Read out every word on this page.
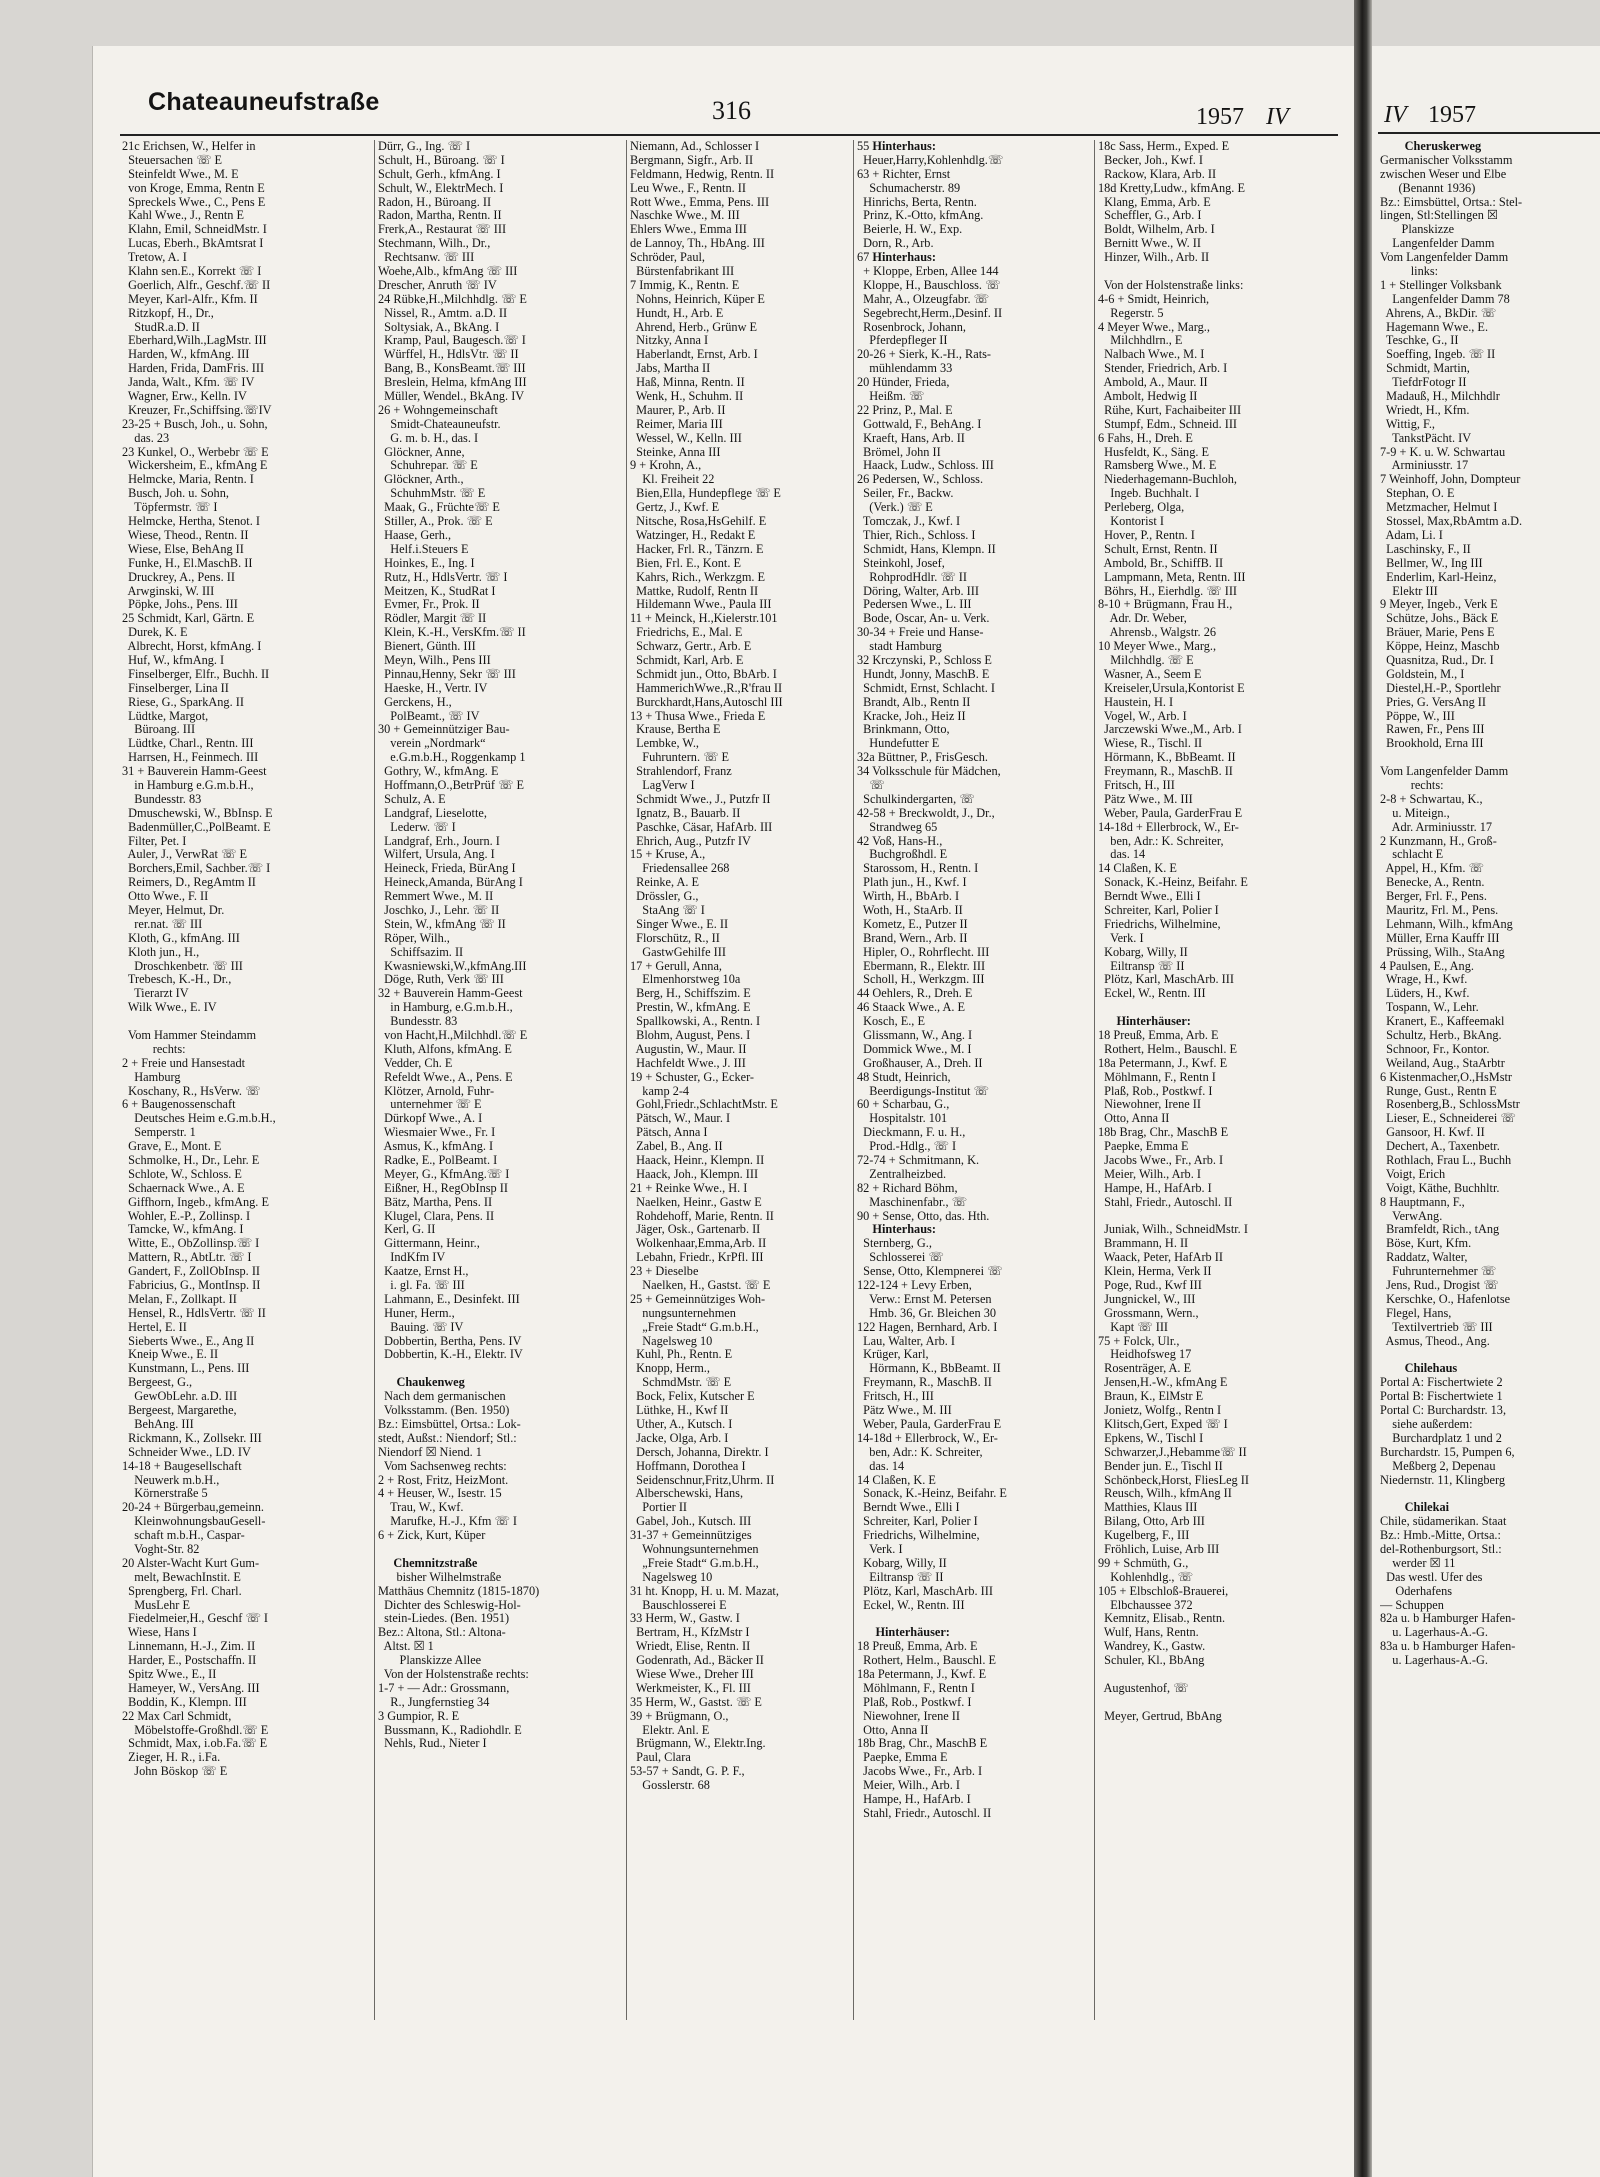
IV 1957
Cheruskerweg
Germanischer Volksstamm
zwischen Weser und Elbe
(Benannt 1936)
Bz.: Eimsbüttel, Ortsa.: Stel-
lingen, Stl:Stellingen ☒
Planskizze
Langenfelder Damm
Vom Langenfelder Damm
links:
1 + Stellinger Volksbank
Langenfelder Damm 78
Ahrens, A., BkDir. ☏
Hagemann Wwe., E.
Teschke, G., II
Soeffing, Ingeb. ☏ II
Schmidt, Martin,
TiefdrFotogr II
Madauß, H., Milchhdlr
Wriedt, H., Kfm.
Wittig, F.,
TankstPächt. IV
7-9 + K. u. W. Schwartau
Arminiusstr. 17
7 Weinhoff, John, Dompteur
Stephan, O. E
Metzmacher, Helmut I
Stossel, Max,RbAmtm a.D.
Adam, Li. I
Laschinsky, F., II
Bellmer, W., Ing III
Enderlim, Karl-Heinz,
Elektr III
9 Meyer, Ingeb., Verk E
Schütze, Johs., Bäck E
Bräuer, Marie, Pens E
Köppe, Heinz, Maschb
Quasnitza, Rud., Dr. I
Goldstein, M., I
Diestel,H.-P., Sportlehr
Pries, G. VersAng II
Pöppe, W., III
Rawen, Fr., Pens III
Brookhold, Erna III
Vom Langenfelder Damm
rechts:
2-8 + Schwartau, K.,
u. Miteign.,
Adr. Arminiusstr. 17
2 Kunzmann, H., Groß-
schlacht E
Appel, H., Kfm. ☏
Benecke, A., Rentn.
Berger, Frl. F., Pens.
Mauritz, Frl. M., Pens.
Lehmann, Wilh., kfmAng
Müller, Erna Kauffr III
Prüssing, Wilh., StaAng
4 Paulsen, E., Ang.
Wrage, H., Kwf.
Lüders, H., Kwf.
Tospann, W., Lehr.
Kranert, E., Kaffeemakl
Schultz, Herb., BkAng.
Schnoor, Fr., Kontor.
Weiland, Aug., StaArbtr
6 Kistenmacher,O.,HsMstr
Runge, Gust., Rentn E
Rosenberg,B., SchlossMstr
Lieser, E., Schneiderei ☏
Gansoor, H. Kwf. II
Dechert, A., Taxenbetr.
Rothlach, Frau L., Buchh
Voigt, Erich
Voigt, Käthe, Buchhltr.
8 Hauptmann, F.,
VerwAng.
Bramfeldt, Rich., tAng
Böse, Kurt, Kfm.
Raddatz, Walter,
Fuhrunternehmer ☏
Jens, Rud., Drogist ☏
Kerschke, O., Hafenlotse
Flegel, Hans,
Textilvertrieb ☏ III
Asmus, Theod., Ang.
Chilehaus
Portal A: Fischertwiete 2
Portal B: Fischertwiete 1
Portal C: Burchardstr. 13,
siehe außerdem:
Burchardplatz 1 und 2
Burchardstr. 15, Pumpen 6,
Meßberg 2, Depenau
Niedernstr. 11, Klingberg
Chilekai
Chile, südamerikan. Staat
Bz.: Hmb.-Mitte, Ortsa.:
del-Rothenburgsort, Stl.:
werder ☒ 11
Das westl. Ufer des
Oderhafens
— Schuppen
82a u. b Hamburger Hafen-
u. Lagerhaus-A.-G.
83a u. b Hamburger Hafen-
u. Lagerhaus-A.-G.
Chateauneufstraße	316	1957 IV
21c Erichsen, W., Helfer in
Steuersachen ☏ E
Steinfeldt Wwe., M. E
von Kroge, Emma, Rentn E
Spreckels Wwe., C., Pens E
Kahl Wwe., J., Rentn E
Klahn, Emil, SchneidMstr. I
Lucas, Eberh., BkAmtsrat I
Tretow, A. I
Klahn sen.E., Korrekt ☏ I
Goerlich, Alfr., Geschf.☏ II
Meyer, Karl-Alfr., Kfm. II
Ritzkopf, H., Dr.,
StudR.a.D. II
Eberhard,Wilh.,LagMstr. III
Harden, W., kfmAng. III
Harden, Frida, DamFris. III
Janda, Walt., Kfm. ☏ IV
Wagner, Erw., Kelln. IV
Kreuzer, Fr.,Schiffsing.☏IV
23-25 + Busch, Joh., u. Sohn,
das. 23
23 Kunkel, O., Werbebr ☏ E
Wickersheim, E., kfmAng E
Helmcke, Maria, Rentn. I
Busch, Joh. u. Sohn,
Töpfermstr. ☏ I
Helmcke, Hertha, Stenot. I
Wiese, Theod., Rentn. II
Wiese, Else, BehAng II
Funke, H., El.MaschB. II
Druckrey, A., Pens. II
Arwginski, W. III
Pöpke, Johs., Pens. III
25 Schmidt, Karl, Gärtn. E
Durek, K. E
Albrecht, Horst, kfmAng. I
Huf, W., kfmAng. I
Finselberger, Elfr., Buchh. II
Finselberger, Lina II
Riese, G., SparkAng. II
Lüdtke, Margot,
Büroang. III
Lüdtke, Charl., Rentn. III
Harrsen, H., Feinmech. III
31 + Bauverein Hamm-Geest
in Hamburg e.G.m.b.H.,
Bundesstr. 83
Dmuschewski, W., BbInsp. E
Badenmüller,C.,PolBeamt. E
Filter, Pet. I
Auler, J., VerwRat ☏ E
Borchers,Emil, Sachber.☏ I
Reimers, D., RegAmtm II
Otto Wwe., F. II
Meyer, Helmut, Dr.
rer.nat. ☏ III
Kloth, G., kfmAng. III
Kloth jun., H.,
Droschkenbetr. ☏ III
Trebesch, K.-H., Dr.,
Tierarzt IV
Wilk Wwe., E. IV
Vom Hammer Steindamm
rechts:
2 + Freie und Hansestadt
Hamburg
Koschany, R., HsVerw. ☏
6 + Baugenossenschaft
Deutsches Heim e.G.m.b.H.,
Semperstr. 1
Grave, E., Mont. E
Schmolke, H., Dr., Lehr. E
Schlote, W., Schloss. E
Schaernack Wwe., A. E
Giffhorn, Ingeb., kfmAng. E
Wohler, E.-P., Zollinsp. I
Tamcke, W., kfmAng. I
Witte, E., ObZollinsp.☏ I
Mattern, R., AbtLtr. ☏ I
Gandert, F., ZollObInsp. II
Fabricius, G., MontInsp. II
Melan, F., Zollkapt. II
Hensel, R., HdlsVertr. ☏ II
Hertel, E. II
Sieberts Wwe., E., Ang II
Kneip Wwe., E. II
Kunstmann, L., Pens. III
Bergeest, G.,
GewObLehr. a.D. III
Bergeest, Margarethe,
BehAng. III
Rickmann, K., Zollsekr. III
Schneider Wwe., LD. IV
14-18 + Baugesellschaft
Neuwerk m.b.H.,
Körnerstraße 5
20-24 + Bürgerbau,gemeinn.
KleinwohnungsbauGesell-
schaft m.b.H., Caspar-
Voght-Str. 82
20 Alster-Wacht Kurt Gum-
melt, BewachInstit. E
Sprengberg, Frl. Charl.
MusLehr E
Fiedelmeier,H., Geschf ☏ I
Wiese, Hans I
Linnemann, H.-J., Zim. II
Harder, E., Postschaffn. II
Spitz Wwe., E., II
Hameyer, W., VersAng. III
Boddin, K., Klempn. III
22 Max Carl Schmidt,
Möbelstoffe-Großhdl.☏ E
Schmidt, Max, i.ob.Fa.☏ E
Zieger, H. R., i.Fa.
John Böskop ☏ E
Dürr, G., Ing. ☏ I
Schult, H., Büroang. ☏ I
Schult, Gerh., kfmAng. I
Schult, W., ElektrMech. I
Radon, H., Büroang. II
Radon, Martha, Rentn. II
Frerk,A., Restaurat ☏ III
Stechmann, Wilh., Dr.,
Rechtsanw. ☏ III
Woehe,Alb., kfmAng ☏ III
Drescher, Anruth ☏ IV
24 Rübke,H.,Milchhdlg. ☏ E
Nissel, R., Amtm. a.D. II
Soltysiak, A., BkAng. I
Kramp, Paul, Baugesch.☏ I
Würffel, H., HdlsVtr. ☏ II
Bang, B., KonsBeamt.☏ III
Breslein, Helma, kfmAng III
Müller, Wendel., BkAng. IV
26 + Wohngemeinschaft
Smidt-Chateauneufstr.
G. m. b. H., das. I
Glöckner, Anne,
Schuhrepar. ☏ E
Glöckner, Arth.,
SchuhmMstr. ☏ E
Maak, G., Früchte☏ E
Stiller, A., Prok. ☏ E
Haase, Gerh.,
Helf.i.Steuers E
Hoinkes, E., Ing. I
Rutz, H., HdlsVertr. ☏ I
Meitzen, K., StudRat I
Evmer, Fr., Prok. II
Rödler, Margit ☏ II
Klein, K.-H., VersKfm.☏ II
Bienert, Günth. III
Meyn, Wilh., Pens III
Pinnau,Henny, Sekr ☏ III
Haeske, H., Vertr. IV
Gerckens, H.,
PolBeamt., ☏ IV
30 + Gemeinnütziger Bau-
verein „Nordmark“
e.G.m.b.H., Roggenkamp 1
Gothry, W., kfmAng. E
Hoffmann,O.,BetrPrüf ☏ E
Schulz, A. E
Landgraf, Lieselotte,
Lederw. ☏ I
Landgraf, Erh., Journ. I
Wilfert, Ursula, Ang. I
Heineck, Frieda, BürAng I
Heineck,Amanda, BürAng I
Remmert Wwe., M. II
Joschko, J., Lehr. ☏ II
Stein, W., kfmAng ☏ II
Röper, Wilh.,
Schiffsazim. II
Kwasniewski,W.,kfmAng.III
Döge, Ruth, Verk ☏ III
32 + Bauverein Hamm-Geest
in Hamburg, e.G.m.b.H.,
Bundesstr. 83
von Hacht,H.,Milchhdl.☏ E
Kluth, Alfons, kfmAng. E
Vedder, Ch. E
Refeldt Wwe., A., Pens. E
Klötzer, Arnold, Fuhr-
unternehmer ☏ E
Dürkopf Wwe., A. I
Wiesmaier Wwe., Fr. I
Asmus, K., kfmAng. I
Radke, E., PolBeamt. I
Meyer, G., KfmAng.☏ I
Eißner, H., RegObInsp II
Bätz, Martha, Pens. II
Klugel, Clara, Pens. II
Kerl, G. II
Gittermann, Heinr.,
IndKfm IV
Kaatze, Ernst H.,
i. gl. Fa. ☏ III
Lahmann, E., Desinfekt. III
Huner, Herm.,
Bauing. ☏ IV
Dobbertin, Bertha, Pens. IV
Dobbertin, K.-H., Elektr. IV
Chaukenweg
Nach dem germanischen
Volksstamm. (Ben. 1950)
Bz.: Eimsbüttel, Ortsa.: Lok-
stedt, Außst.: Niendorf; Stl.:
Niendorf ☒ Niend. 1
Vom Sachsenweg rechts:
2 + Rost, Fritz, HeizMont.
4 + Heuser, W., Isestr. 15
Trau, W., Kwf.
Marufke, H.-J., Kfm ☏ I
6 + Zick, Kurt, Küper
Chemnitzstraße
bisher Wilhelmstraße
Matthäus Chemnitz (1815-1870)
Dichter des Schleswig-Hol-
stein-Liedes. (Ben. 1951)
Bez.: Altona, Stl.: Altona-
Altst. ☒ 1
Planskizze Allee
Von der Holstenstraße rechts:
1-7 + — Adr.: Grossmann,
R., Jungfernstieg 34
3 Gumpior, R. E
Bussmann, K., Radiohdlr. E
Nehls, Rud., Nieter I
Niemann, Ad., Schlosser I
Bergmann, Sigfr., Arb. II
Feldmann, Hedwig, Rentn. II
Leu Wwe., F., Rentn. II
Rott Wwe., Emma, Pens. III
Naschke Wwe., M. III
Ehlers Wwe., Emma III
de Lannoy, Th., HbAng. III
Schröder, Paul,
Bürstenfabrikant III
7 Immig, K., Rentn. E
Nohns, Heinrich, Küper E
Hundt, H., Arb. E
Ahrend, Herb., Grünw E
Nitzky, Anna I
Haberlandt, Ernst, Arb. I
Jabs, Martha II
Haß, Minna, Rentn. II
Wenk, H., Schuhm. II
Maurer, P., Arb. II
Reimer, Maria III
Wessel, W., Kelln. III
Steinke, Anna III
9 + Krohn, A.,
Kl. Freiheit 22
Bien,Ella, Hundepflege ☏ E
Gertz, J., Kwf. E
Nitsche, Rosa,HsGehilf. E
Watzinger, H., Redakt E
Hacker, Frl. R., Tänzrn. E
Bien, Frl. E., Kont. E
Kahrs, Rich., Werkzgm. E
Mattke, Rudolf, Rentn II
Hildemann Wwe., Paula III
11 + Meinck, H.,Kielerstr.101
Friedrichs, E., Mal. E
Schwarz, Gertr., Arb. E
Schmidt, Karl, Arb. E
Schmidt jun., Otto, BbArb. I
HammerichWwe.,R.,R'frau II
Burckhardt,Hans,Autoschl III
13 + Thusa Wwe., Frieda E
Krause, Bertha E
Lembke, W.,
Fuhruntern. ☏ E
Strahlendorf, Franz
LagVerw I
Schmidt Wwe., J., Putzfr II
Ignatz, B., Bauarb. II
Paschke, Cäsar, HafArb. III
Ehrich, Aug., Putzfr IV
15 + Kruse, A.,
Friedensallee 268
Reinke, A. E
Drössler, G.,
StaAng ☏ I
Singer Wwe., E. II
Florschütz, R., II
GastwGehilfe III
17 + Gerull, Anna,
Elmenhorstweg 10a
Berg, H., Schiffszim. E
Prestin, W., kfmAng. E
Spallkowski, A., Rentn. I
Blohm, August, Pens. I
Augustin, W., Maur. II
Hachfeldt Wwe., J. III
19 + Schuster, G., Ecker-
kamp 2-4
Gohl,Friedr.,SchlachtMstr. E
Pätsch, W., Maur. I
Pätsch, Anna I
Zabel, B., Ang. II
Haack, Heinr., Klempn. II
Haack, Joh., Klempn. III
21 + Reinke Wwe., H. I
Naelken, Heinr., Gastw E
Rohdehoff, Marie, Rentn. II
Jäger, Osk., Gartenarb. II
Wolkenhaar,Emma,Arb. II
Lebahn, Friedr., KrPfl. III
23 + Dieselbe
Naelken, H., Gastst. ☏ E
25 + Gemeinnütziges Woh-
nungsunternehmen
„Freie Stadt“ G.m.b.H.,
Nagelsweg 10
Kuhl, Ph., Rentn. E
Knopp, Herm.,
SchmdMstr. ☏ E
Bock, Felix, Kutscher E
Lüthke, H., Kwf II
Uther, A., Kutsch. I
Jacke, Olga, Arb. I
Dersch, Johanna, Direktr. I
Hoffmann, Dorothea I
Seidenschnur,Fritz,Uhrm. II
Alberschewski, Hans,
Portier II
Gabel, Joh., Kutsch. III
31-37 + Gemeinnütziges
Wohnungsunternehmen
„Freie Stadt“ G.m.b.H.,
Nagelsweg 10
31 ht. Knopp, H. u. M. Mazat,
Bauschlosserei E
33 Herm, W., Gastw. I
Bertram, H., KfzMstr I
Wriedt, Elise, Rentn. II
Godenrath, Ad., Bäcker II
Wiese Wwe., Dreher III
Werkmeister, K., Fl. III
35 Herm, W., Gastst. ☏ E
39 + Brügmann, O.,
Elektr. Anl. E
Brügmann, W., Elektr.Ing.
Paul, Clara
53-57 + Sandt, G. P. F.,
Gosslerstr. 68
55 Hinterhaus:
Heuer,Harry,Kohlenhdlg.☏
63 + Richter, Ernst
Schumacherstr. 89
Hinrichs, Berta, Rentn.
Prinz, K.-Otto, kfmAng.
Beierle, H. W., Exp.
Dorn, R., Arb.
67 Hinterhaus:
+ Kloppe, Erben, Allee 144
Kloppe, H., Bauschloss. ☏
Mahr, A., Olzeugfabr. ☏
Segebrecht,Herm.,Desinf. II
Rosenbrock, Johann,
Pferdepfleger II
20-26 + Sierk, K.-H., Rats-
mühlendamm 33
20 Hünder, Frieda,
Heißm. ☏
22 Prinz, P., Mal. E
Gottwald, F., BehAng. I
Kraeft, Hans, Arb. II
Brömel, John II
Haack, Ludw., Schloss. III
26 Pedersen, W., Schloss.
Seiler, Fr., Backw.
(Verk.) ☏ E
Tomczak, J., Kwf. I
Thier, Rich., Schloss. I
Schmidt, Hans, Klempn. II
Steinkohl, Josef,
RohprodHdlr. ☏ II
Döring, Walter, Arb. III
Pedersen Wwe., L. III
Bode, Oscar, An- u. Verk.
30-34 + Freie und Hanse-
stadt Hamburg
32 Krczynski, P., Schloss E
Hundt, Jonny, MaschB. E
Schmidt, Ernst, Schlacht. I
Brandt, Alb., Rentn II
Kracke, Joh., Heiz II
Brinkmann, Otto,
Hundefutter E
32a Büttner, P., FrisGesch.
34 Volksschule für Mädchen,
☏
Schulkindergarten, ☏
42-58 + Breckwoldt, J., Dr.,
Strandweg 65
42 Voß, Hans-H.,
Buchgroßhdl. E
Starossom, H., Rentn. I
Plath jun., H., Kwf. I
Wirth, H., BbArb. I
Woth, H., StaArb. II
Kometz, E., Putzer II
Brand, Wern., Arb. II
Hipler, O., Rohrflecht. III
Ebermann, R., Elektr. III
Scholl, H., Werkzgm. III
44 Oehlers, R., Dreh. E
46 Staack Wwe., A. E
Kosch, E., E
Glissmann, W., Ang. I
Dommick Wwe., M. I
Großhauser, A., Dreh. II
48 Studt, Heinrich,
Beerdigungs-Institut ☏
60 + Scharbau, G.,
Hospitalstr. 101
Dieckmann, F. u. H.,
Prod.-Hdlg., ☏ I
72-74 + Schmitmann, K.
Zentralheizbed.
82 + Richard Böhm,
Maschinenfabr., ☏
90 + Sense, Otto, das. Hth.
Hinterhaus:
Sternberg, G.,
Schlosserei ☏
Sense, Otto, Klempnerei ☏
122-124 + Levy Erben,
Verw.: Ernst M. Petersen
Hmb. 36, Gr. Bleichen 30
122 Hagen, Bernhard, Arb. I
Lau, Walter, Arb. I
Krüger, Karl,
Hörmann, K., BbBeamt. II
Freymann, R., MaschB. II
Fritsch, H., III
Pätz Wwe., M. III
Weber, Paula, GarderFrau E
14-18d + Ellerbrock, W., Er-
ben, Adr.: K. Schreiter,
das. 14
14 Claßen, K. E
Sonack, K.-Heinz, Beifahr. E
Berndt Wwe., Elli I
Schreiter, Karl, Polier I
Friedrichs, Wilhelmine,
Verk. I
Kobarg, Willy, II
Eiltransp ☏ II
Plötz, Karl, MaschArb. III
Eckel, W., Rentn. III
Hinterhäuser:
18 Preuß, Emma, Arb. E
Rothert, Helm., Bauschl. E
18a Petermann, J., Kwf. E
Möhlmann, F., Rentn I
Plaß, Rob., Postkwf. I
Niewohner, Irene II
Otto, Anna II
18b Brag, Chr., MaschB E
Paepke, Emma E
Jacobs Wwe., Fr., Arb. I
Meier, Wilh., Arb. I
Hampe, H., HafArb. I
Stahl, Friedr., Autoschl. II
18c Sass, Herm., Exped. E
Becker, Joh., Kwf. I
Rackow, Klara, Arb. II
18d Kretty,Ludw., kfmAng. E
Klang, Emma, Arb. E
Scheffler, G., Arb. I
Boldt, Wilhelm, Arb. I
Bernitt Wwe., W. II
Hinzer, Wilh., Arb. II
Von der Holstenstraße links:
4-6 + Smidt, Heinrich,
Regerstr. 5
4 Meyer Wwe., Marg.,
Milchhdlrn., E
Nalbach Wwe., M. I
Stender, Friedrich, Arb. I
Ambold, A., Maur. II
Ambolt, Hedwig II
Rühe, Kurt, Fachaibeiter III
Stumpf, Edm., Schneid. III
6 Fahs, H., Dreh. E
Husfeldt, K., Säng. E
Ramsberg Wwe., M. E
Niederhagemann-Buchloh,
Ingeb. Buchhalt. I
Perleberg, Olga,
Kontorist I
Hover, P., Rentn. I
Schult, Ernst, Rentn. II
Ambold, Br., SchiffB. II
Lampmann, Meta, Rentn. III
Böhrs, H., Eierhdlg. ☏ III
8-10 + Brügmann, Frau H.,
Adr. Dr. Weber,
Ahrensb., Walgstr. 26
10 Meyer Wwe., Marg.,
Milchhdlg. ☏ E
Wasner, A., Seem E
Kreiseler,Ursula,Kontorist E
Haustein, H. I
Vogel, W., Arb. I
Jarczewski Wwe.,M., Arb. I
Wiese, R., Tischl. II
Hörmann, K., BbBeamt. II
Freymann, R., MaschB. II
Fritsch, H., III
Pätz Wwe., M. III
Weber, Paula, GarderFrau E
14-18d + Ellerbrock, W., Er-
ben, Adr.: K. Schreiter,
das. 14
14 Claßen, K. E
Sonack, K.-Heinz, Beifahr. E
Berndt Wwe., Elli I
Schreiter, Karl, Polier I
Friedrichs, Wilhelmine,
Verk. I
Kobarg, Willy, II
Eiltransp ☏ II
Plötz, Karl, MaschArb. III
Eckel, W., Rentn. III
Hinterhäuser:
18 Preuß, Emma, Arb. E
Rothert, Helm., Bauschl. E
18a Petermann, J., Kwf. E
Möhlmann, F., Rentn I
Plaß, Rob., Postkwf. I
Niewohner, Irene II
Otto, Anna II
18b Brag, Chr., MaschB E
Paepke, Emma E
Jacobs Wwe., Fr., Arb. I
Meier, Wilh., Arb. I
Hampe, H., HafArb. I
Stahl, Friedr., Autoschl. II
Juniak, Wilh., SchneidMstr. I
Brammann, H. II
Waack, Peter, HafArb II
Klein, Herma, Verk II
Poge, Rud., Kwf III
Jungnickel, W., III
Grossmann, Wern.,
Kapt ☏ III
75 + Folck, Ulr.,
Heidhofsweg 17
Rosenträger, A. E
Jensen,H.-W., kfmAng E
Braun, K., ElMstr E
Jonietz, Wolfg., Rentn I
Klitsch,Gert, Exped ☏ I
Epkens, W., Tischl I
Schwarzer,J.,Hebamme☏ II
Bender jun. E., Tischl II
Schönbeck,Horst, FliesLeg II
Reusch, Wilh., kfmAng II
Matthies, Klaus III
Bilang, Otto, Arb III
Kugelberg, F., III
Fröhlich, Luise, Arb III
99 + Schmüth, G.,
Kohlenhdlg., ☏
105 + Elbschloß-Brauerei,
Elbchaussee 372
Kemnitz, Elisab., Rentn.
Wulf, Hans, Rentn.
Wandrey, K., Gastw.
Schuler, Kl., BbAng
Augustenhof, ☏
Meyer, Gertrud, BbAng
